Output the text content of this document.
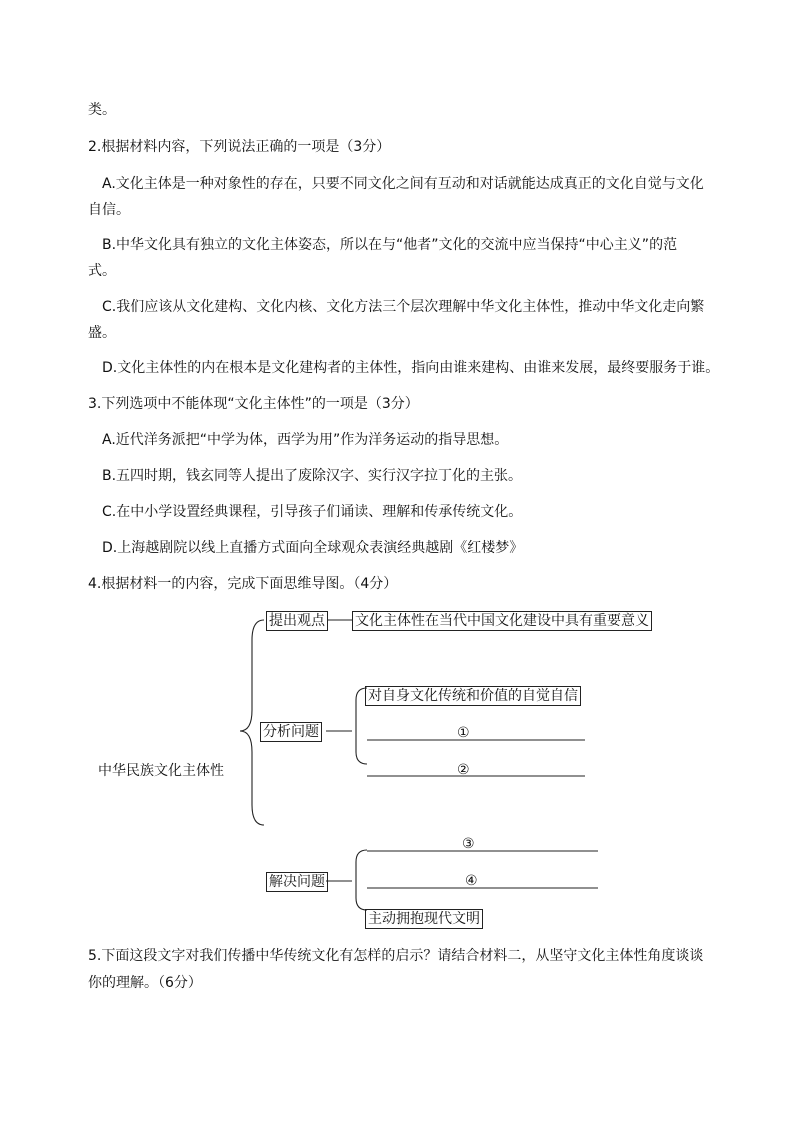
类。
2.根据材料内容，下列说法正确的一项是（3分）
A.文化主体是一种对象性的存在，只要不同文化之间有互动和对话就能达成真正的文化自觉与文化
自信。
B.中华文化具有独立的文化主体姿态，所以在与“他者”文化的交流中应当保持“中心主义”的范
式。
C.我们应该从文化建构、文化内核、文化方法三个层次理解中华文化主体性，推动中华文化走向繁
盛。
D.文化主体性的内在根本是文化建构者的主体性，指向由谁来建构、由谁来发展，最终要服务于谁。
3.下列选项中不能体现“文化主体性”的一项是（3分）
A.近代洋务派把“中学为体，西学为用”作为洋务运动的指导思想。
B.五四时期，钱玄同等人提出了废除汉字、实行汉字拉丁化的主张。
C.在中小学设置经典课程，引导孩子们诵读、理解和传承传统文化。
D.上海越剧院以线上直播方式面向全球观众表演经典越剧《红楼梦》
4.根据材料一的内容，完成下面思维导图。（4分）
中华民族文化主体性
提出观点 文化主体性在当代中国文化建设中具有重要意义
分析问题
对自身文化传统和价值的自觉自信
①
②
解决问题
③
④
主动拥抱现代文明
5.下面这段文字对我们传播中华传统文化有怎样的启示？请结合材料二，从坚守文化主体性角度谈谈
你的理解。（6分）
